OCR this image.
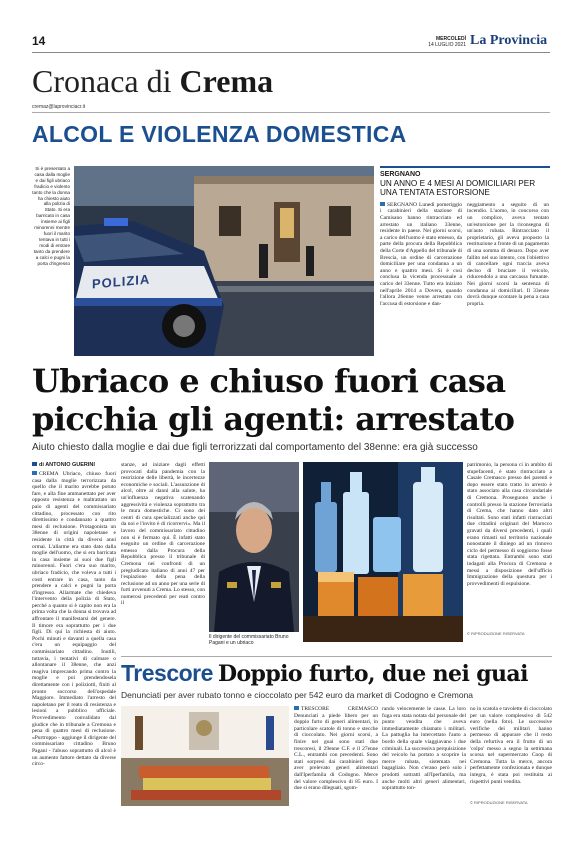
14	MERCOLEDÌ
14 LUGLIO 2021 La Provincia
Cronaca di Crema
cremaz@laprovinciacr.it
ALCOL E VIOLENZA DOMESTICA
Si è presentato a casa dalla moglie e dai figli ubriaco fradicio e violento tanto che la donna ha chiesto aiuto alla polizia di Stato. Si era barricato in casa insieme ai figli minorenni mentre fuori il marito tentava in tutti i modi di entrare tanto da prendere a calci e pugni la porta d'ingresso
POLIZIA
SERGNANO
UN ANNO E 4 MESI AI DOMICILIARI PER UNA TENTATA ESTORSIONE
SERGNANO Lunedì pomeriggio i carabinieri della stazione di Camisano hanno rintracciato ed arrestato un italiano 33enne, residente in paese. Nei giorni scorsi, a carico dell'uomo è stato emesso, da parte della procura della Repubblica della Corte d'Appello del tribunale di Brescia, un ordine di carcerazione domiciliare per una condanna a un anno e quattro mesi. Si è così conclusa la vicenda processuale a carico del 33enne. Tutto era iniziato nell'aprile 2014 a Dovera, quando l'allora 26enne venne arrestato con l'accusa di estorsione e dan-
neggiamento a seguito di un incendio. L'uomo, in concorso con un complice, aveva tentato un'estorsione per la riconsegna di un'auto rubata. Rintracciato il proprietario, gli aveva proposto la restituzione a fronte di un pagamento di una somma di denaro. Dopo aver fallito nel suo intento, con l'obiettivo di cancellare ogni traccia aveva deciso di bruciare il veicolo, riducendolo a una carcassa fumante. Nei giorni scorsi la sentenza di condanna ai domiciliari. Il 33enne dovrà dunque scontare la pena a casa propria.
Ubriaco e chiuso fuori casa
picchia gli agenti: arrestato
Aiuto chiesto dalla moglie e dai due figli terrorizzati dal comportamento del 38enne: era già successo
di ANTONIO GUERINI
CREMA Ubriaco, chiuso fuori casa dalla moglie terrorizzata da quello che il marito avrebbe potuto fare, e alla fine ammanettato per aver opposto resistenza e maltrattato un paio di agenti del commissariato cittadino, processato con rito direttissimo e condannato a quattro mesi di reclusione. Protagonista un 38enne di origini napoletane e residente in città da diversi anni ormai. L'allarme era stato dato dalla moglie dell'uomo, che si era barricata in casa insieme ai suoi due figli minorenni. Fuori c'era suo marito, ubriaco fradicio, che voleva a tutti i costi entrare in casa, tanto da prendere a calci e pugni la porta d'ingresso. Allarmate che chiedeva l'intervento della polizia di Stato, perché a quanto si è capito non era la prima volta che la donna si trovava ad affrontare il manifestarsi del genere. Il timore era soprattutto per i due figli. Di qui la richiesta di aiuto. Pochi minuti e davanti a quella casa c'era un equipaggio del commissariato cittadino. Inutili, tuttavia, i tentativi di calmare o allontanare il 38enne, che anzi reagiva imprecando prima contro la moglie e poi prendendosela direttamente con i poliziotti, finiti al pronto soccorso dell'ospedale Maggiore. Immediato l'arresto del napoletano per il reato di resistenza e lesioni a pubblico ufficiale. Provvedimento convalidato dal giudice che in tribunale a Cremona e pena di quattro mesi di reclusione. «Purtroppo - aggiunge il dirigente del commissariato cittadino Bruno Pagani - l'abuso soprattutto di alcol è un aumento fattore dettato da diverse circo-
stanze, ad iniziare dagli effetti provocati dalla pandemia con la restrizione delle libertà, le incertezze economiche e sociali. L'assunzione di alcol, oltre ai danni alla salute, ha un'influenza negativa scatenando aggressività e violenza soprattutto tra le mura domestiche. Ci sono dei centri di cura specializzati anche qui da noi e l'invito è di ricorrervi». Ma il lavoro del commissariato cittadino non si è fermato qui. È infatti stato eseguito un ordine di carcerazione emesso dalla Procura della Repubblica presso il tribunale di Cremona nei confronti di un pregiudicato italiano di anni 47 per l'espiazione della pena della reclusione ad un anno per una serie di furti avvenuti a Crema. Lo stesso, con numerosi precedenti per reati contro il
Il dirigente del commissariato Bruno Pagani e un ubriaco
patrimonio, la persona ci in ambito di stupefacenti, è stato rintracciato a Casale Cremasco presso dei parenti e dopo essere stato tratto in arresto è stato associato alla casa circondariale di Cremona. Proseguono anche i controlli presso la stazione ferroviaria di Crema, che hanno dato altri risultati. Sono stati infatti rintracciati due cittadini originari del Marocco gravati da diversi precedenti, i quali erano rimasti sul territorio nazionale nonostante il diniego ad un rinnovo ciclo del permesso di soggiorno fosse stata rigettata. Entrambi sono stati indagati alla Procura di Cremona e messi a disposizione dell'ufficio Immigrazione della questura per i provvedimenti di espulsione.
© RIPRODUZIONE RISERVATA
Trescore Doppio furto, due nei guai
Denunciati per aver rubato tonno e cioccolato per 542 euro da market di Codogno e Cremona
TRESCORE CREMASCO Denunciati a piede libero per un doppio furto di generi alimentari, in particolare scatole di tonno e stecche di cioccolato. Nei giorni scorsi, a finire nei guai sono stati due trescoresi, il 29enne C.F. e il 27enne C.L., entrambi con precedenti. Sono stati sorpresi dai carabinieri dopo aver prelevato generi alimentari dall'Iperfamila di Codogno. Merce del valore complessivo di 85 euro. I due si erano dileguati, sgom-
rando velocemente le casse. La loro fuga era stata notata dal personale del punto vendita che aveva immediatamente chiamato i militari. La pattuglia ha intercettato l'auto a bordo della quale viaggiavano i due criminali. La successiva perquisizione del veicolo ha portato a scoprire la merce rubata, sistemata nei bagagliaio. Non c'erano però solo i prodotti sottratti all'Iperfamila, ma anche molti altri generi alimentari, soprattutto ton-
no in scatola e tavolette di cioccolato per un valore complessivo di 542 euro (nella foto). Le successive verifiche dei militari hanno permesso di appurare che il resto della refurtiva era il frutto di un 'colpo' messo a segno la settimana scorsa nel supermercato Coop di Cremona. Tutta la merce, ancora perfettamente confezionata e dunque integra, è stata poi restituita ai rispettivi punti vendita.
© RIPRODUZIONE RISERVATA
